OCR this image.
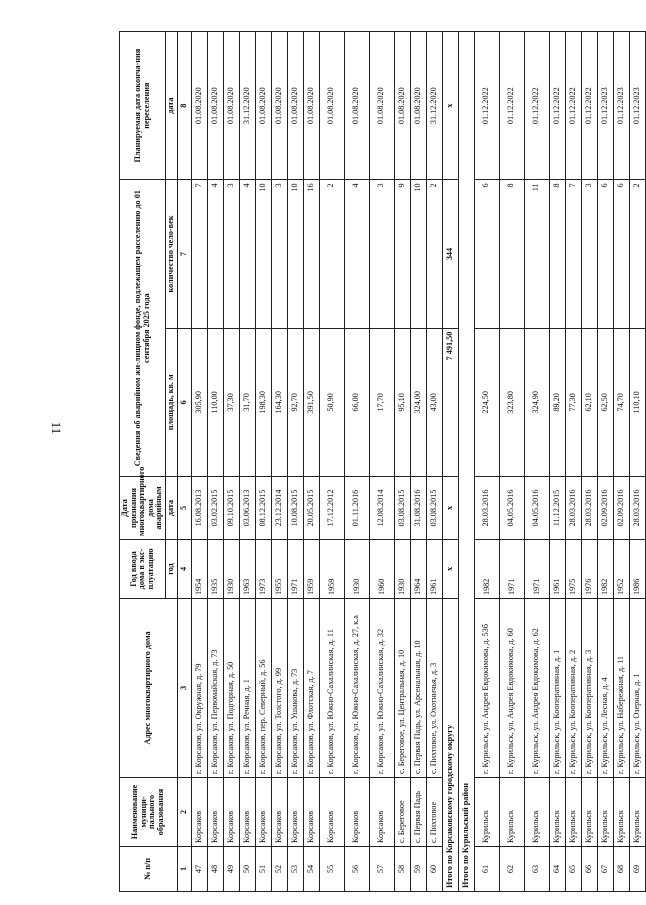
11
№ п/п	Наименование муници-пального образования	Адрес многоквартирного дома	Год ввода дома в экс-плуатацию	Дата признания многоквартирного дома аварийным	Сведения об аварийном жи-лищном фонде, подлежащем расселению до 01 сентября 2025 года		Планируемая дата оконча-ния переселения
			год	дата	площадь, кв. м	количество чело-век	дата
1	2	3	4	5	6	7	8
47	Корсаков	г. Корсаков, ул. Окружная, д. 79	1954	16.08.2013	305,90	7	01.08.2020
48	Корсаков	г. Корсаков, ул. Первомайская, д. 73	1935	03.02.2015	110,00	4	01.08.2020
49	Корсаков	г. Корсаков, ул. Подгорная, д. 50	1930	09.10.2015	37,30	3	01.08.2020
50	Корсаков	г. Корсаков, ул. Речная, д. 1	1963	03.06.2013	31,70	4	31.12.2020
51	Корсаков	г. Корсаков, пер. Северный, д. 56	1973	08.12.2015	198,30	10	01.08.2020
52	Корсаков	г. Корсаков, ул. Толстого, д. 99	1955	23.12.2014	164,30	3	01.08.2020
53	Корсаков	г. Корсаков, ул. Ушакова, д. 73	1971	10.08.2015	92,70	10	01.08.2020
54	Корсаков	г. Корсаков, ул. Флотская, д. 7	1959	20.05.2015	391,50	16	01.08.2020
55	Корсаков	г. Корсаков, ул. Южно-Сахалинская, д. 11	1959	17.12.2012	50,90	2	01.08.2020
56	Корсаков	г. Корсаков, ул. Южно-Сахалинская, д. 27, к.а	1930	01.11.2016	66,00	4	01.08.2020
57	Корсаков	г. Корсаков, ул. Южно-Сахалинская, д. 32	1960	12.08.2014	17,70	3	01.08.2020
58	с. Береговое	с. Береговое, ул. Центральная, д. 10	1930	03.08.2015	95,10	9	01.08.2020
59	с. Первая Падь	с. Первая Падь, ул. Арсенальная, д. 10	1964	31.08.2016	324,00	10	01.08.2020
60	с. Пихтовое	с. Пихтовое, ул. Охотничья, д. 3	1961	03.08.2015	43,00	2	31.12.2020
Итого по Корсаковскому городскому округу			x	x	7 491,50	344	x
Итого по Курильский район							
61	Курильск	г. Курильск, ул. Андрея Евдокимова, д. 53б	1982	28.03.2016	224,50	6	01.12.2022
62	Курильск	г. Курильск, ул. Андрея Евдокимова, д. 60	1971	04.05.2016	323,80	8	01.12.2022
63	Курильск	г. Курильск, ул. Андрея Евдокимова, д. 62	1971	04.05.2016	324,90	11	01.12.2022
64	Курильск	г. Курильск, ул. Кооперативная, д. 1	1961	11.12.2015	89,20	8	01.12.2022
65	Курильск	г. Курильск, ул. Кооперативная, д. 2	1975	28.03.2016	77,30	7	01.12.2022
66	Курильск	г. Курильск, ул. Кооперативная, д. 3	1976	28.03.2016	62,10	3	01.12.2022
67	Курильск	г. Курильск, ул. Лесная, д. 4	1982	02.09.2016	62,50	6	01.12.2023
68	Курильск	г. Курильск, ул. Набережная, д. 11	1952	02.09.2016	74,70	6	01.12.2023
69	Курильск	г. Курильск, ул. Озерная, д. 1	1986	28.03.2016	110,10	2	01.12.2023
